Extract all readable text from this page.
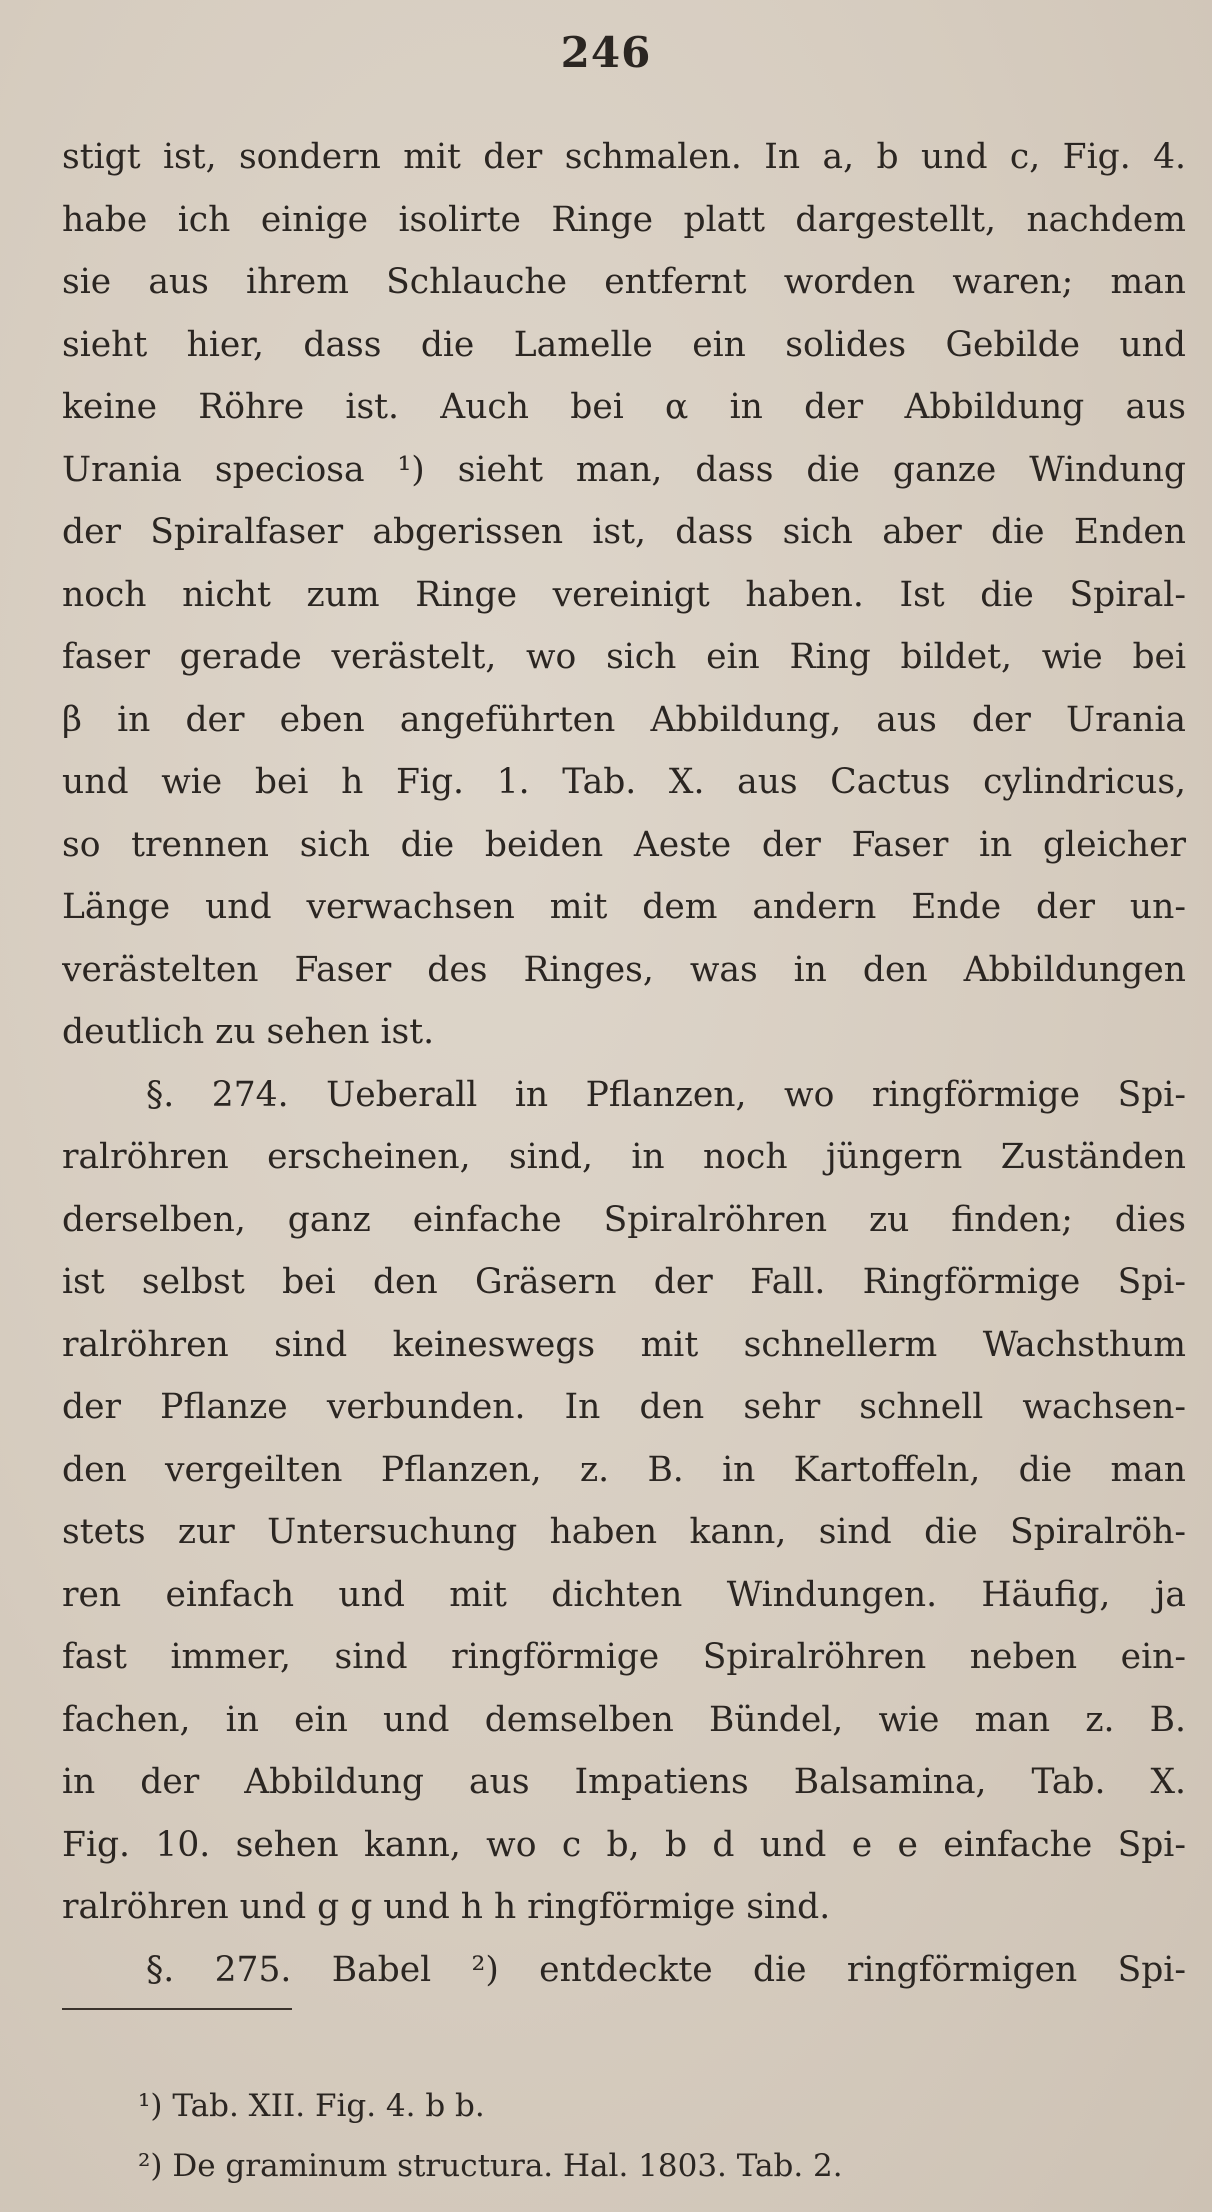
246
stigt ist, sondern mit der schmalen. In a, b und c, Fig. 4.
habe ich einige isolirte Ringe platt dargestellt, nachdem
sie aus ihrem Schlauche entfernt worden waren; man
sieht hier, dass die Lamelle ein solides Gebilde und
keine Röhre ist. Auch bei α in der Abbildung aus
Urania speciosa ¹) sieht man, dass die ganze Windung
der Spiralfaser abgerissen ist, dass sich aber die Enden
noch nicht zum Ringe vereinigt haben. Ist die Spiral-
faser gerade verästelt, wo sich ein Ring bildet, wie bei
β in der eben angeführten Abbildung, aus der Urania
und wie bei h Fig. 1. Tab. X. aus Cactus cylindricus,
so trennen sich die beiden Aeste der Faser in gleicher
Länge und verwachsen mit dem andern Ende der un-
verästelten Faser des Ringes, was in den Abbildungen
deutlich zu sehen ist.
§. 274. Ueberall in Pflanzen, wo ringförmige Spi-
ralröhren erscheinen, sind, in noch jüngern Zuständen
derselben, ganz einfache Spiralröhren zu finden; dies
ist selbst bei den Gräsern der Fall. Ringförmige Spi-
ralröhren sind keineswegs mit schnellerm Wachsthum
der Pflanze verbunden. In den sehr schnell wachsen-
den vergeilten Pflanzen, z. B. in Kartoffeln, die man
stets zur Untersuchung haben kann, sind die Spiralröh-
ren einfach und mit dichten Windungen. Häufig, ja
fast immer, sind ringförmige Spiralröhren neben ein-
fachen, in ein und demselben Bündel, wie man z. B.
in der Abbildung aus Impatiens Balsamina, Tab. X.
Fig. 10. sehen kann, wo c b, b d und e e einfache Spi-
ralröhren und g g und h h ringförmige sind.
§. 275. Babel ²) entdeckte die ringförmigen Spi-
¹) Tab. XII. Fig. 4. b b.
²) De graminum structura. Hal. 1803. Tab. 2.
